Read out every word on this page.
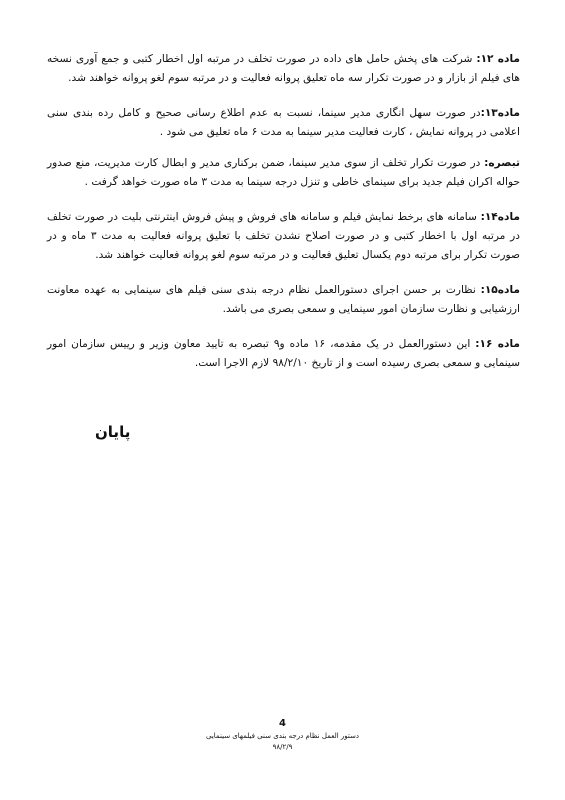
ماده ۱۲: شرکت های پخش حامل های داده در صورت تخلف در مرتبه اول اخطار کتبی و جمع آوری نسخه های فیلم از بازار و در صورت تکرار سه ماه تعلیق پروانه فعالیت و در مرتبه سوم لغو پروانه خواهند شد.

ماده۱۳:در صورت سهل انگاری مدیر سینما، نسبت به عدم اطلاع رسانی صحیح و کامل رده بندی سنی اعلامی در پروانه نمایش ، کارت فعالیت مدیر سینما به مدت ۶ ماه تعلیق می شود .

تبصره: در صورت تکرار تخلف از سوی مدیر سینما، ضمن برکناری مدیر و ابطال کارت مدیریت، منع صدور حواله اکران فیلم جدید برای سینمای خاطی و تنزل درجه سینما به مدت ۳ ماه صورت خواهد گرفت .

ماده۱۴: سامانه های برخط نمایش فیلم و سامانه های فروش و پیش فروش اینترنتی بلیت در صورت تخلف در مرتبه اول با اخطار کتبی و در صورت اصلاح نشدن تخلف با تعلیق پروانه فعالیت به مدت ۳ ماه و در صورت تکرار برای مرتبه دوم یکسال تعلیق فعالیت و در مرتبه سوم لغو پروانه فعالیت خواهند شد.

ماده۱۵: نظارت بر حسن اجرای دستورالعمل نظام درجه بندی سنی فیلم های سینمایی به عهده معاونت ارزشیابی و نظارت سازمان امور سینمایی و سمعی بصری می باشد.

ماده ۱۶: این دستورالعمل در یک مقدمه، ۱۶ ماده و۹ تبصره به تایید معاون وزیر و رییس سازمان امور سینمایی و سمعی بصری رسیده است و از تاریخ ۹۸/۲/۱۰ لازم الاجرا است.

پایان
4
دستور العمل نظام درجه بندی سنی فیلمهای سینمایی
۹۸/۲/۹
